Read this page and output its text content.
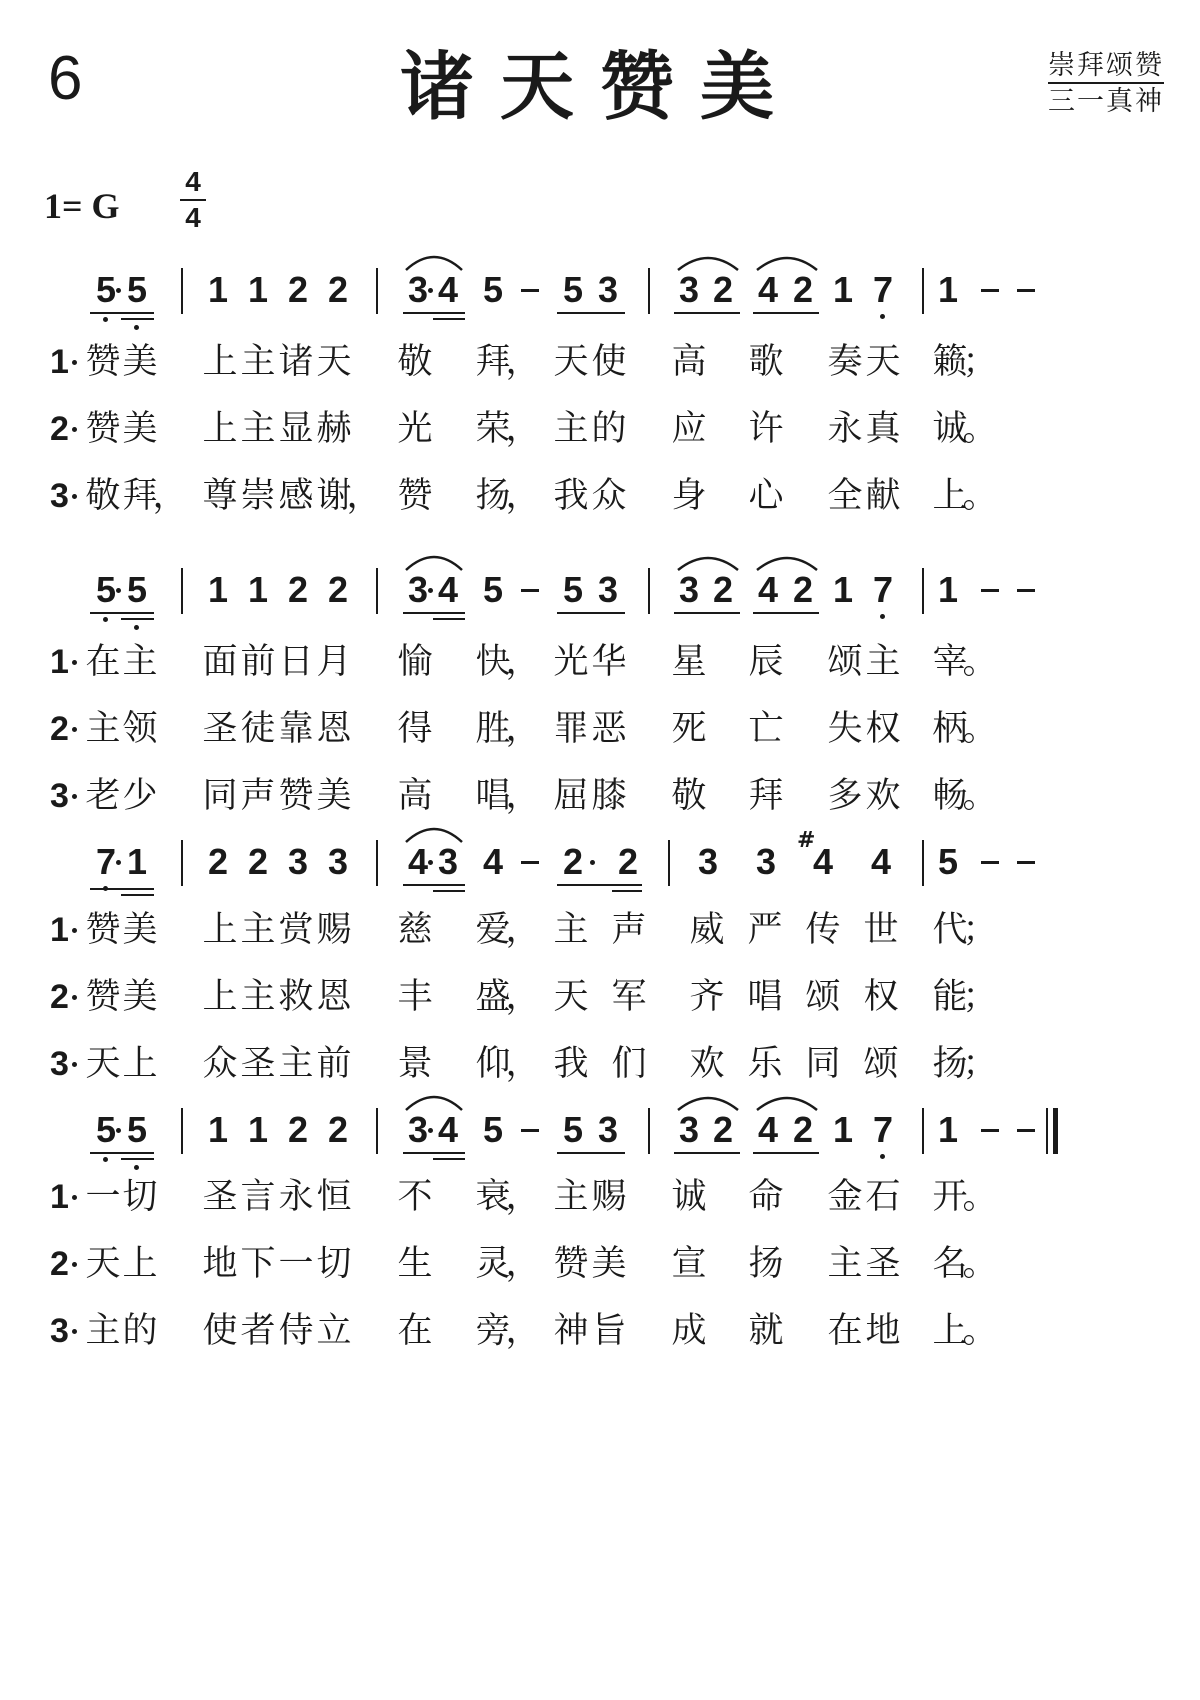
6	诸天赞美	崇拜颂赞
三一真神
1= G
4
4
5 5 1 1 2 2 3 4 5 5 3 3 2 4 2 1 7 1
1 赞 美 上 主 诸 天 敬 拜
， 天 使 高 歌 奏 天 籁
；
2 赞 美 上 主 显 赫 光 荣
， 主 的 应 许 永 真 诚
。
3 敬 拜
， 尊 崇 感 谢
， 赞 扬
， 我 众 身 心 全 献 上
。
5 5 1 1 2 2 3 4 5 5 3 3 2 4 2 1 7 1
1 在 主 面 前 日 月 愉 快
， 光 华 星 辰 颂 主 宰
。
2 主 领 圣 徒 靠 恩 得 胜
， 罪 恶 死 亡 失 权 柄
。
3 老 少 同 声 赞 美 高 唱
， 屈 膝 敬 拜 多 欢 畅
。
7 1 2 2 3 3 4 3 4 2 2 3 3
#
4 4 5
1 赞 美 上 主 赏 赐 慈 爱
， 主 声 威 严 传 世 代
；
2 赞 美 上 主 救 恩 丰 盛
， 天 军 齐 唱 颂 权 能
；
3 天 上 众 圣 主 前 景 仰
， 我 们 欢 乐 同 颂 扬
；
5 5 1 1 2 2 3 4 5 5 3 3 2 4 2 1 7 1
1 一 切 圣 言 永 恒 不 衰
， 主 赐 诚 命 金 石 开
。
2 天 上 地 下 一 切 生 灵
， 赞 美 宣 扬 主 圣 名
。
3 主 的 使 者 侍 立 在 旁
， 神 旨 成 就 在 地 上
。
